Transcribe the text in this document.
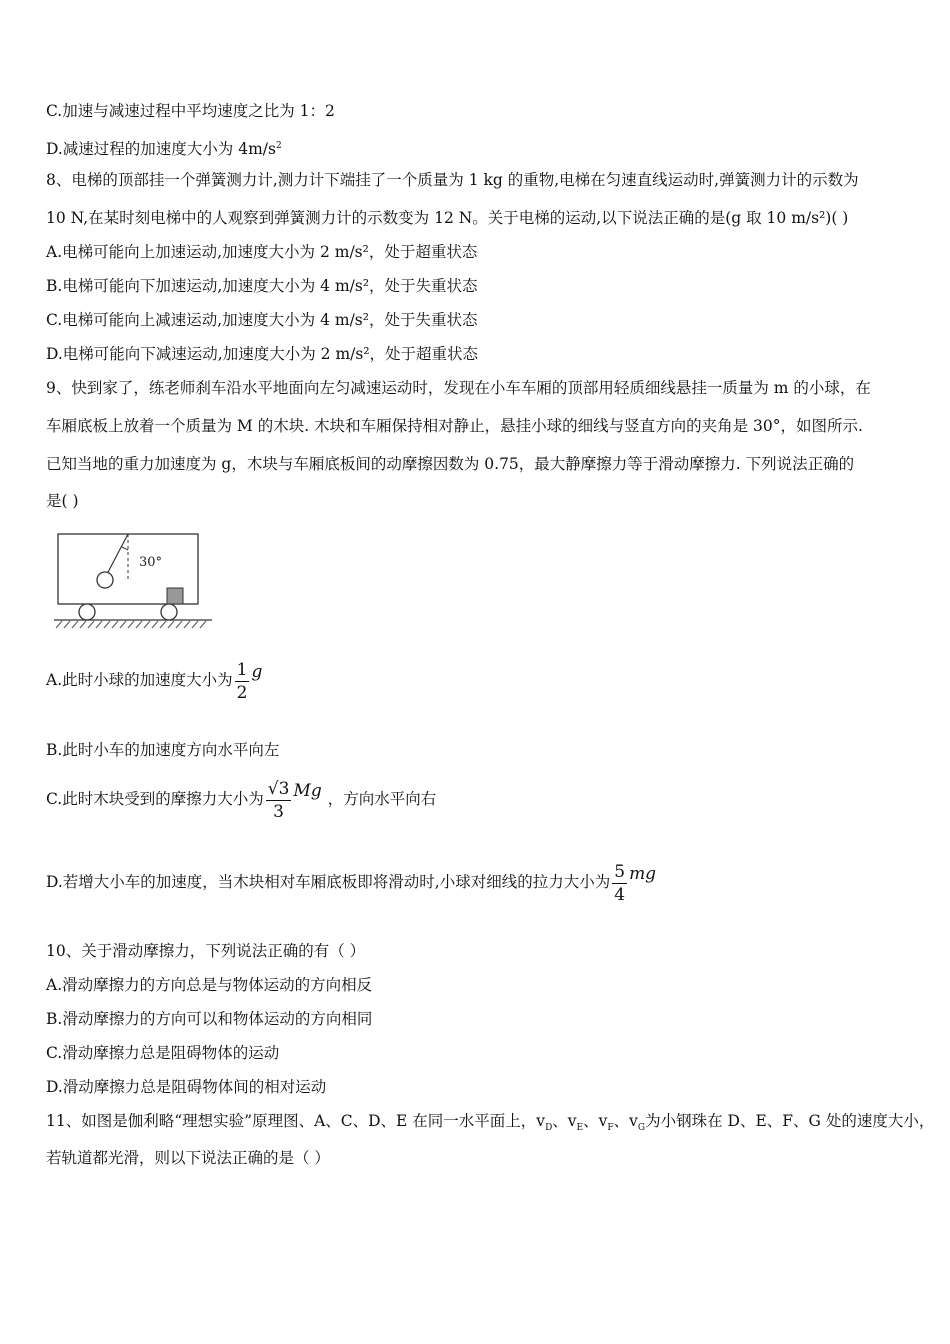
C.加速与减速过程中平均速度之比为 1：2
D.减速过程的加速度大小为 $4m/s^2$
8、电梯的顶部挂一个弹簧测力计,测力计下端挂了一个质量为 1 kg 的重物,电梯在匀速直线运动时,弹簧测力计的示数为
10 N,在某时刻电梯中的人观察到弹簧测力计的示数变为 12 N。关于电梯的运动,以下说法正确的是(g 取 10 m/s²)( )
A.电梯可能向上加速运动,加速度大小为 2 m/s²，处于超重状态
B.电梯可能向下加速运动,加速度大小为 4 m/s²，处于失重状态
C.电梯可能向上减速运动,加速度大小为 4 m/s²，处于失重状态
D.电梯可能向下减速运动,加速度大小为 2 m/s²，处于超重状态
9、快到家了，练老师刹车沿水平地面向左匀减速运动时，发现在小车车厢的顶部用轻质细线悬挂一质量为 m 的小球，在
车厢底板上放着一个质量为 M 的木块. 木块和车厢保持相对静止，悬挂小球的细线与竖直方向的夹角是 30°，如图所示.
已知当地的重力加速度为 g，木块与车厢底板间的动摩擦因数为 0.75，最大静摩擦力等于滑动摩擦力. 下列说法正确的
是( )
30°
A.此时小球的加速度大小为 $\frac{1}{2}$ g
B.此时小车的加速度方向水平向左
C.此时木块受到的摩擦力大小为 $\frac{√3}{3}$ Mg ，方向水平向右
D.若增大小车的加速度，当木块相对车厢底板即将滑动时,小球对细线的拉力大小为 $\frac{5}{4}$ mg
10、关于滑动摩擦力，下列说法正确的有（ ）
A.滑动摩擦力的方向总是与物体运动的方向相反
B.滑动摩擦力的方向可以和物体运动的方向相同
C.滑动摩擦力总是阻碍物体的运动
D.滑动摩擦力总是阻碍物体间的相对运动
11、如图是伽利略“理想实验”原理图、A、C、D、E 在同一水平面上，$v_D$、$v_E$、$v_F$、$v_G$为小钢珠在 D、E、F、G 处的速度大小，
若轨道都光滑，则以下说法正确的是（ ）
